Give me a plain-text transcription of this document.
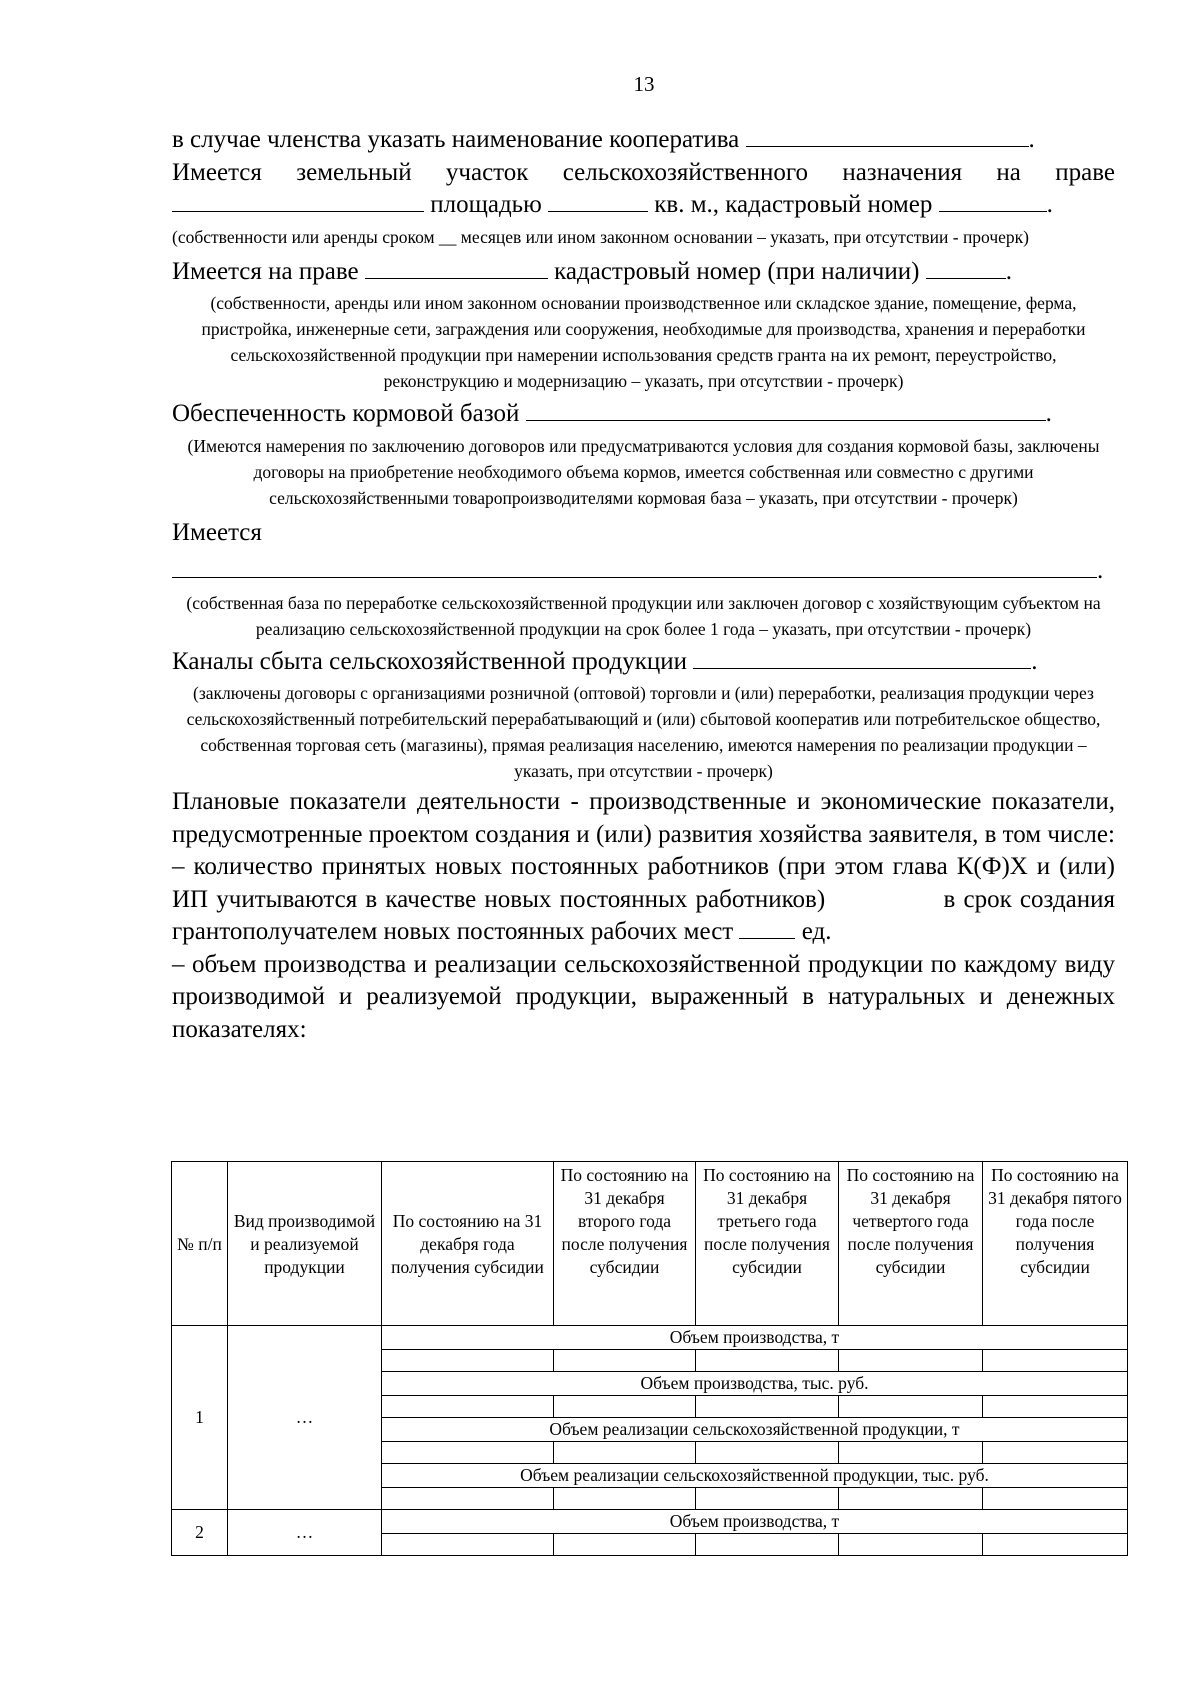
13

в случае членства указать наименование кооператива	.

Имеется земельный участок сельскохозяйственного назначения на праве

площадью	кв. м., кадастровый номер	.

(собственности или аренды сроком __ месяцев или ином законном основании – указать, при отсутствии - прочерк)

Имеется на праве	кадастровый номер (при наличии)	.

(собственности, аренды или ином законном основании производственное или складское здание, помещение, ферма, пристройка, инженерные сети, заграждения или сооружения, необходимые для производства, хранения и переработки сельскохозяйственной продукции при намерении использования средств гранта на их ремонт, переустройство, реконструкцию и модернизацию – указать, при отсутствии - прочерк)

Обеспеченность кормовой базой	.

(Имеются намерения по заключению договоров или предусматриваются условия для создания кормовой базы, заключены договоры на приобретение необходимого объема кормов, имеется собственная или совместно с другими сельскохозяйственными товаропроизводителями кормовая база – указать, при отсутствии - прочерк)

Имеется

.

(собственная база по переработке сельскохозяйственной продукции или заключен договор с хозяйствующим субъектом на реализацию сельскохозяйственной продукции на срок более 1 года – указать, при отсутствии - прочерк)

Каналы сбыта сельскохозяйственной продукции	.

(заключены договоры с организациями розничной (оптовой) торговли и (или) переработки, реализация продукции через сельскохозяйственный потребительский перерабатывающий и (или) сбытовой кооператив или потребительское общество, собственная торговая сеть (магазины), прямая реализация населению, имеются намерения по реализации продукции – указать, при отсутствии - прочерк)

Плановые показатели деятельности - производственные и экономические показатели, предусмотренные проектом создания и (или) развития хозяйства заявителя, в том числе:

– количество принятых новых постоянных работников (при этом глава К(Ф)Х и (или) ИП учитываются в качестве новых постоянных работников)	в срок создания грантополучателем новых постоянных рабочих мест	ед.

– объем производства и реализации сельскохозяйственной продукции по каждому виду производимой и реализуемой продукции, выраженный в натуральных и денежных показателях:

№ п/п	Вид производимой и реализуемой продукции	По состоянию на 31 декабря года получения субсидии	По состоянию на 31 декабря второго года после получения субсидии	По состоянию на 31 декабря третьего года после получения субсидии	По состоянию на 31 декабря четвертого года после получения субсидии	По состоянию на 31 декабря пятого года после получения субсидии
1	…	Объем производства, т				

		Объем производства, тыс. руб.				

		Объем реализации сельскохозяйственной продукции, т				

		Объем реализации сельскохозяйственной продукции, тыс. руб.				

2	…	Объем производства, т				
